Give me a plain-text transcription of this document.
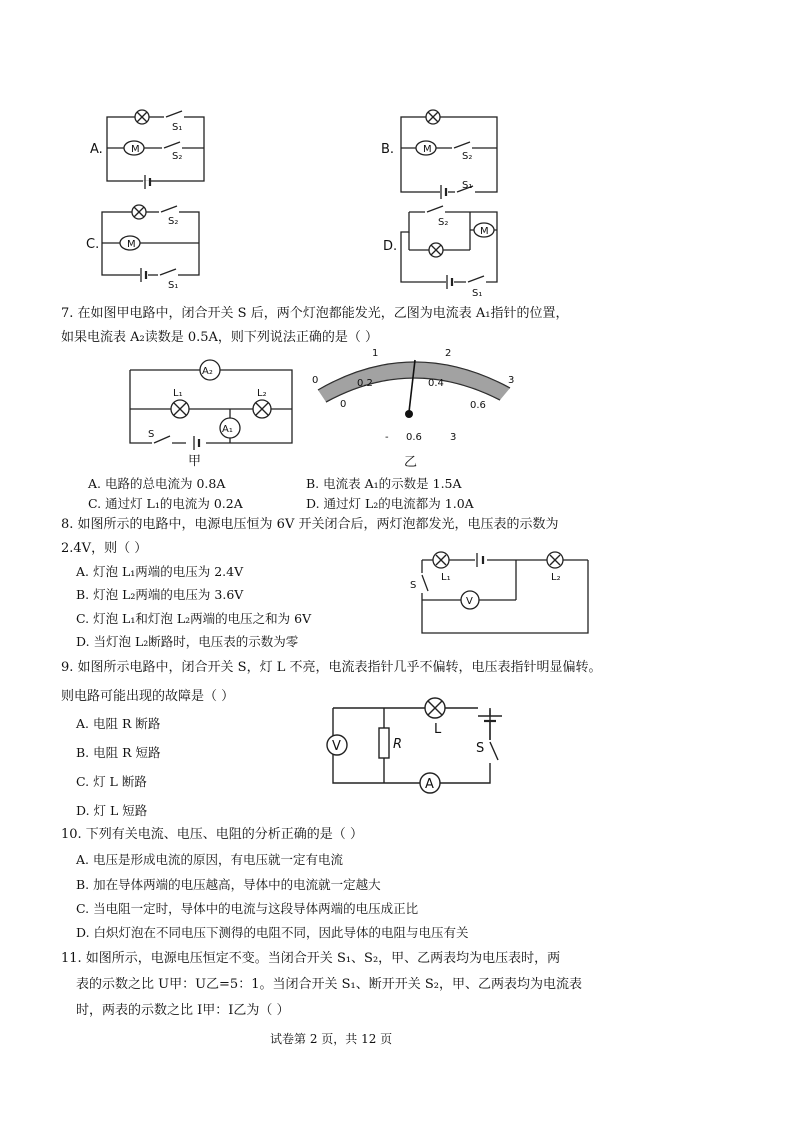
A.	M
S₁
S₂	B.	M
S₂
S₁
C.	M
S₂
S₁
D.
M
S₂
S₁
A₂
A₁
L₁	L₂
S
甲
1	2
0.2	0.4	3
0.6
0
0
- 0.6	3
乙
S
L₁	L₂
V
V	R
L
S
A
7. 在如图甲电路中，闭合开关 S 后，两个灯泡都能发光，乙图为电流表 A₁指针的位置，
如果电流表 A₂读数是 0.5A，则下列说法正确的是（ ）
A. 电路的总电流为 0.8A	B. 电流表 A₁的示数是 1.5A
C. 通过灯 L₁的电流为 0.2A	D. 通过灯 L₂的电流都为 1.0A
8. 如图所示的电路中，电源电压恒为 6V 开关闭合后，两灯泡都发光，电压表的示数为
2.4V，则（ ）
A. 灯泡 L₁两端的电压为 2.4V
B. 灯泡 L₂两端的电压为 3.6V
C. 灯泡 L₁和灯泡 L₂两端的电压之和为 6V
D. 当灯泡 L₂断路时，电压表的示数为零
9. 如图所示电路中，闭合开关 S，灯 L 不亮，电流表指针几乎不偏转，电压表指针明显偏转。
则电路可能出现的故障是（ ）
A. 电阻 R 断路
B. 电阻 R 短路
C. 灯 L 断路
D. 灯 L 短路
10. 下列有关电流、电压、电阻的分析正确的是（ ）
A. 电压是形成电流的原因，有电压就一定有电流
B. 加在导体两端的电压越高，导体中的电流就一定越大
C. 当电阻一定时，导体中的电流与这段导体两端的电压成正比
D. 白炽灯泡在不同电压下测得的电阻不同，因此导体的电阻与电压有关
11. 如图所示，电源电压恒定不变。当闭合开关 S₁、S₂，甲、乙两表均为电压表时，两
表的示数之比 U甲：U乙=5：1。当闭合开关 S₁、断开开关 S₂，甲、乙两表均为电流表
时，两表的示数之比 I甲：I乙为（ ）
试卷第 2 页，共 12 页
